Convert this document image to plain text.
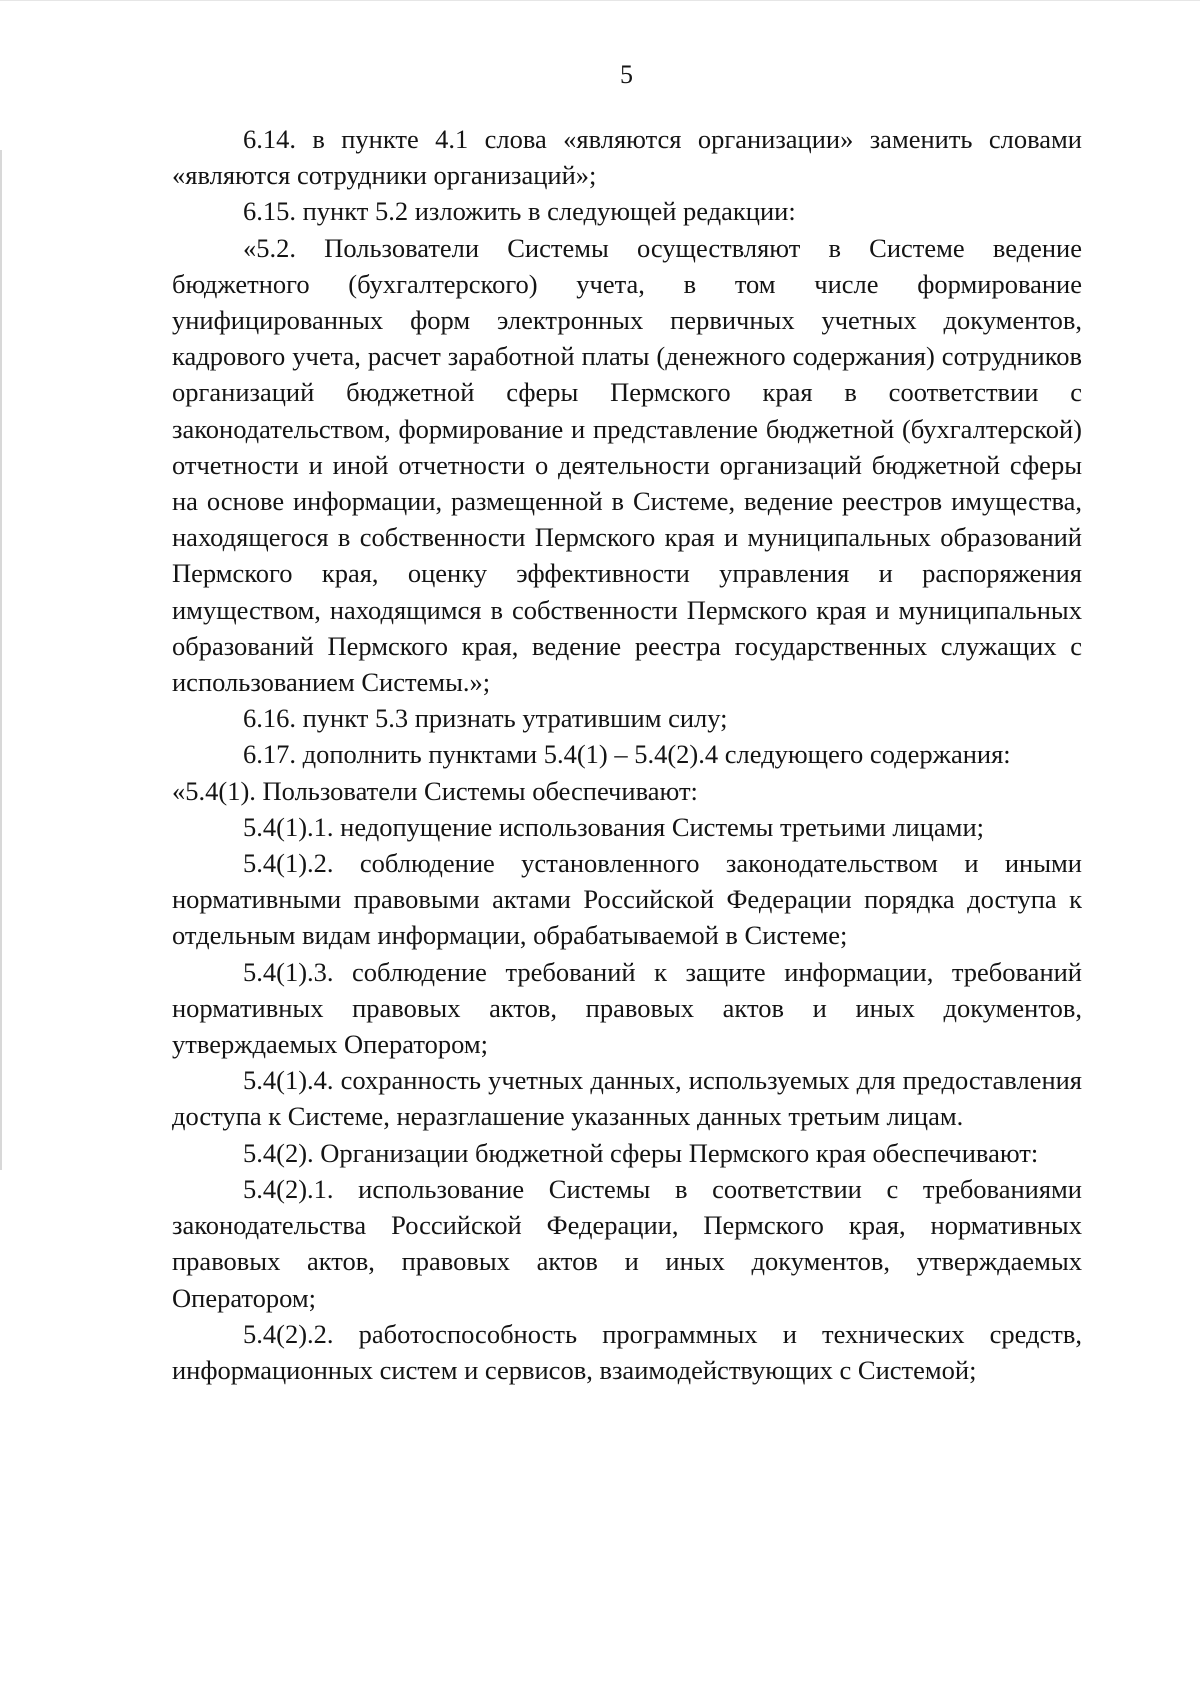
5

6.14. в пункте 4.1 слова «являются организации» заменить словами «являются сотрудники организаций»;

6.15. пункт 5.2 изложить в следующей редакции:

«5.2. Пользователи Системы осуществляют в Системе ведение бюджетного (бухгалтерского) учета, в том числе формирование унифицированных форм электронных первичных учетных документов, кадрового учета, расчет заработной платы (денежного содержания) сотрудников организаций бюджетной сферы Пермского края в соответствии с законодательством, формирование и представление бюджетной (бухгалтерской) отчетности и иной отчетности о деятельности организаций бюджетной сферы на основе информации, размещенной в Системе, ведение реестров имущества, находящегося в собственности Пермского края и муниципальных образований Пермского края, оценку эффективности управления и распоряжения имуществом, находящимся в собственности Пермского края и муниципальных образований Пермского края, ведение реестра государственных служащих с использованием Системы.»;

6.16. пункт 5.3 признать утратившим силу;

6.17. дополнить пунктами 5.4(1) – 5.4(2).4 следующего содержания:

«5.4(1). Пользователи Системы обеспечивают:

5.4(1).1. недопущение использования Системы третьими лицами;

5.4(1).2. соблюдение установленного законодательством и иными нормативными правовыми актами Российской Федерации порядка доступа к отдельным видам информации, обрабатываемой в Системе;

5.4(1).3. соблюдение требований к защите информации, требований нормативных правовых актов, правовых актов и иных документов, утверждаемых Оператором;

5.4(1).4. сохранность учетных данных, используемых для предоставления доступа к Системе, неразглашение указанных данных третьим лицам.

5.4(2). Организации бюджетной сферы Пермского края обеспечивают:

5.4(2).1. использование Системы в соответствии с требованиями законодательства Российской Федерации, Пермского края, нормативных правовых актов, правовых актов и иных документов, утверждаемых Оператором;

5.4(2).2. работоспособность программных и технических средств, информационных систем и сервисов, взаимодействующих с Системой;
